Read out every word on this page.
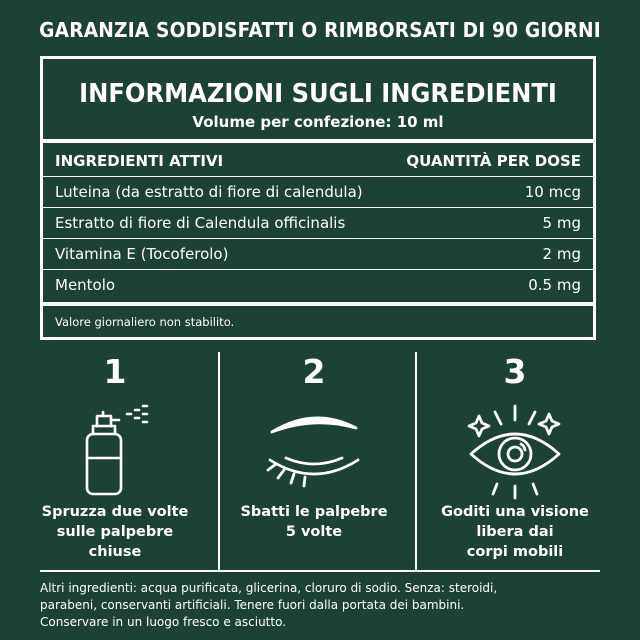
GARANZIA SODDISFATTI O RIMBORSATI DI 90 GIORNI
INFORMAZIONI SUGLI INGREDIENTI
Volume per confezione: 10 ml
INGREDIENTI ATTIVI	QUANTITÀ PER DOSE
Luteina (da estratto di fiore di calendula)	10 mcg
Estratto di fiore di Calendula officinalis	5 mg
Vitamina E (Tocoferolo)	2 mg
Mentolo	0.5 mg
Valore giornaliero non stabilito.
1
Spruzza due volte
sulle palpebre
chiuse
2
Sbatti le palpebre
5 volte
3
Goditi una visione
libera dai
corpi mobili
Altri ingredienti: acqua purificata, glicerina, cloruro di sodio. Senza: steroidi,
parabeni, conservanti artificiali. Tenere fuori dalla portata dei bambini.
Conservare in un luogo fresco e asciutto.
